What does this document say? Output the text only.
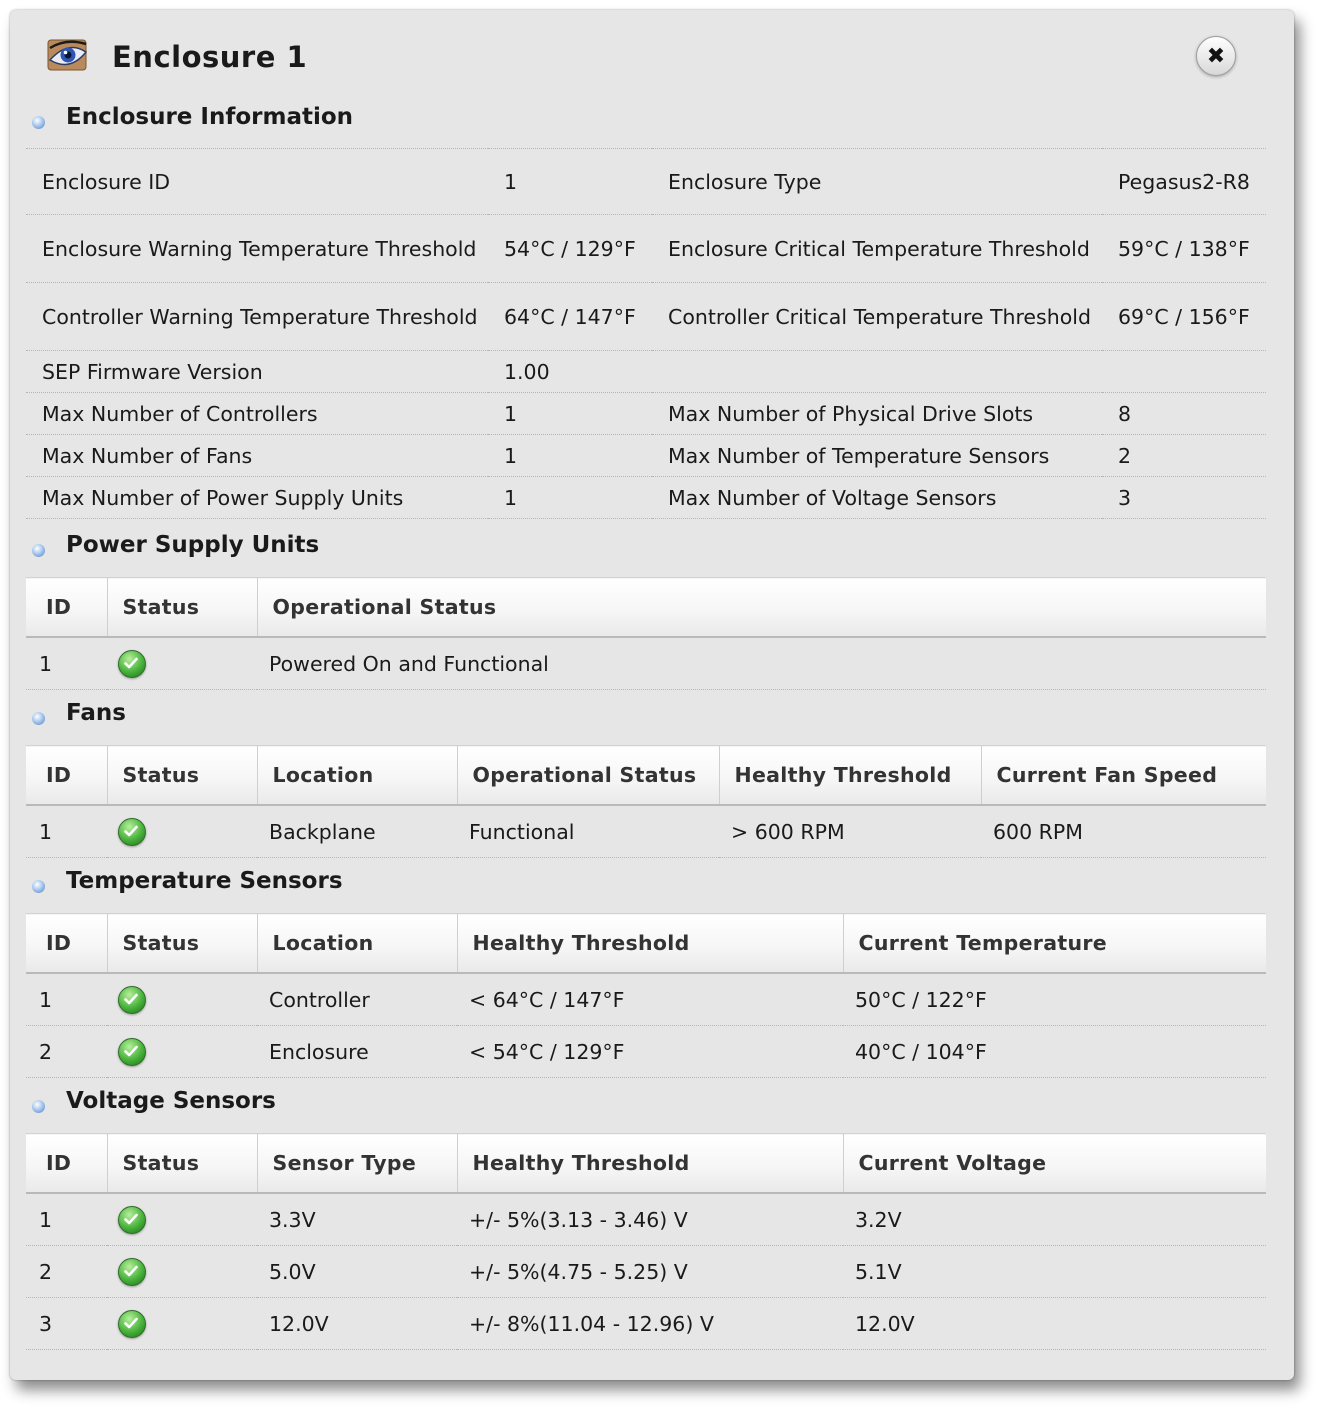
Enclosure 1	✖
Enclosure Information
Enclosure ID	1	Enclosure Type	Pegasus2-R8
Enclosure Warning Temperature Threshold	54°C / 129°F	Enclosure Critical Temperature Threshold	59°C / 138°F
Controller Warning Temperature Threshold	64°C / 147°F	Controller Critical Temperature Threshold	69°C / 156°F
SEP Firmware Version	1.00		
Max Number of Controllers	1	Max Number of Physical Drive Slots	8
Max Number of Fans	1	Max Number of Temperature Sensors	2
Max Number of Power Supply Units	1	Max Number of Voltage Sensors	3
Power Supply Units
ID	Status	Operational Status
1		Powered On and Functional
Fans
ID	Status	Location	Operational Status	Healthy Threshold	Current Fan Speed
1		Backplane	Functional	> 600 RPM	600 RPM
Temperature Sensors
ID	Status	Location	Healthy Threshold	Current Temperature
1		Controller	< 64°C / 147°F	50°C / 122°F
2		Enclosure	< 54°C / 129°F	40°C / 104°F
Voltage Sensors
ID	Status	Sensor Type	Healthy Threshold	Current Voltage
1		3.3V	+/- 5%(3.13 - 3.46) V	3.2V
2		5.0V	+/- 5%(4.75 - 5.25) V	5.1V
3		12.0V	+/- 8%(11.04 - 12.96) V	12.0V
